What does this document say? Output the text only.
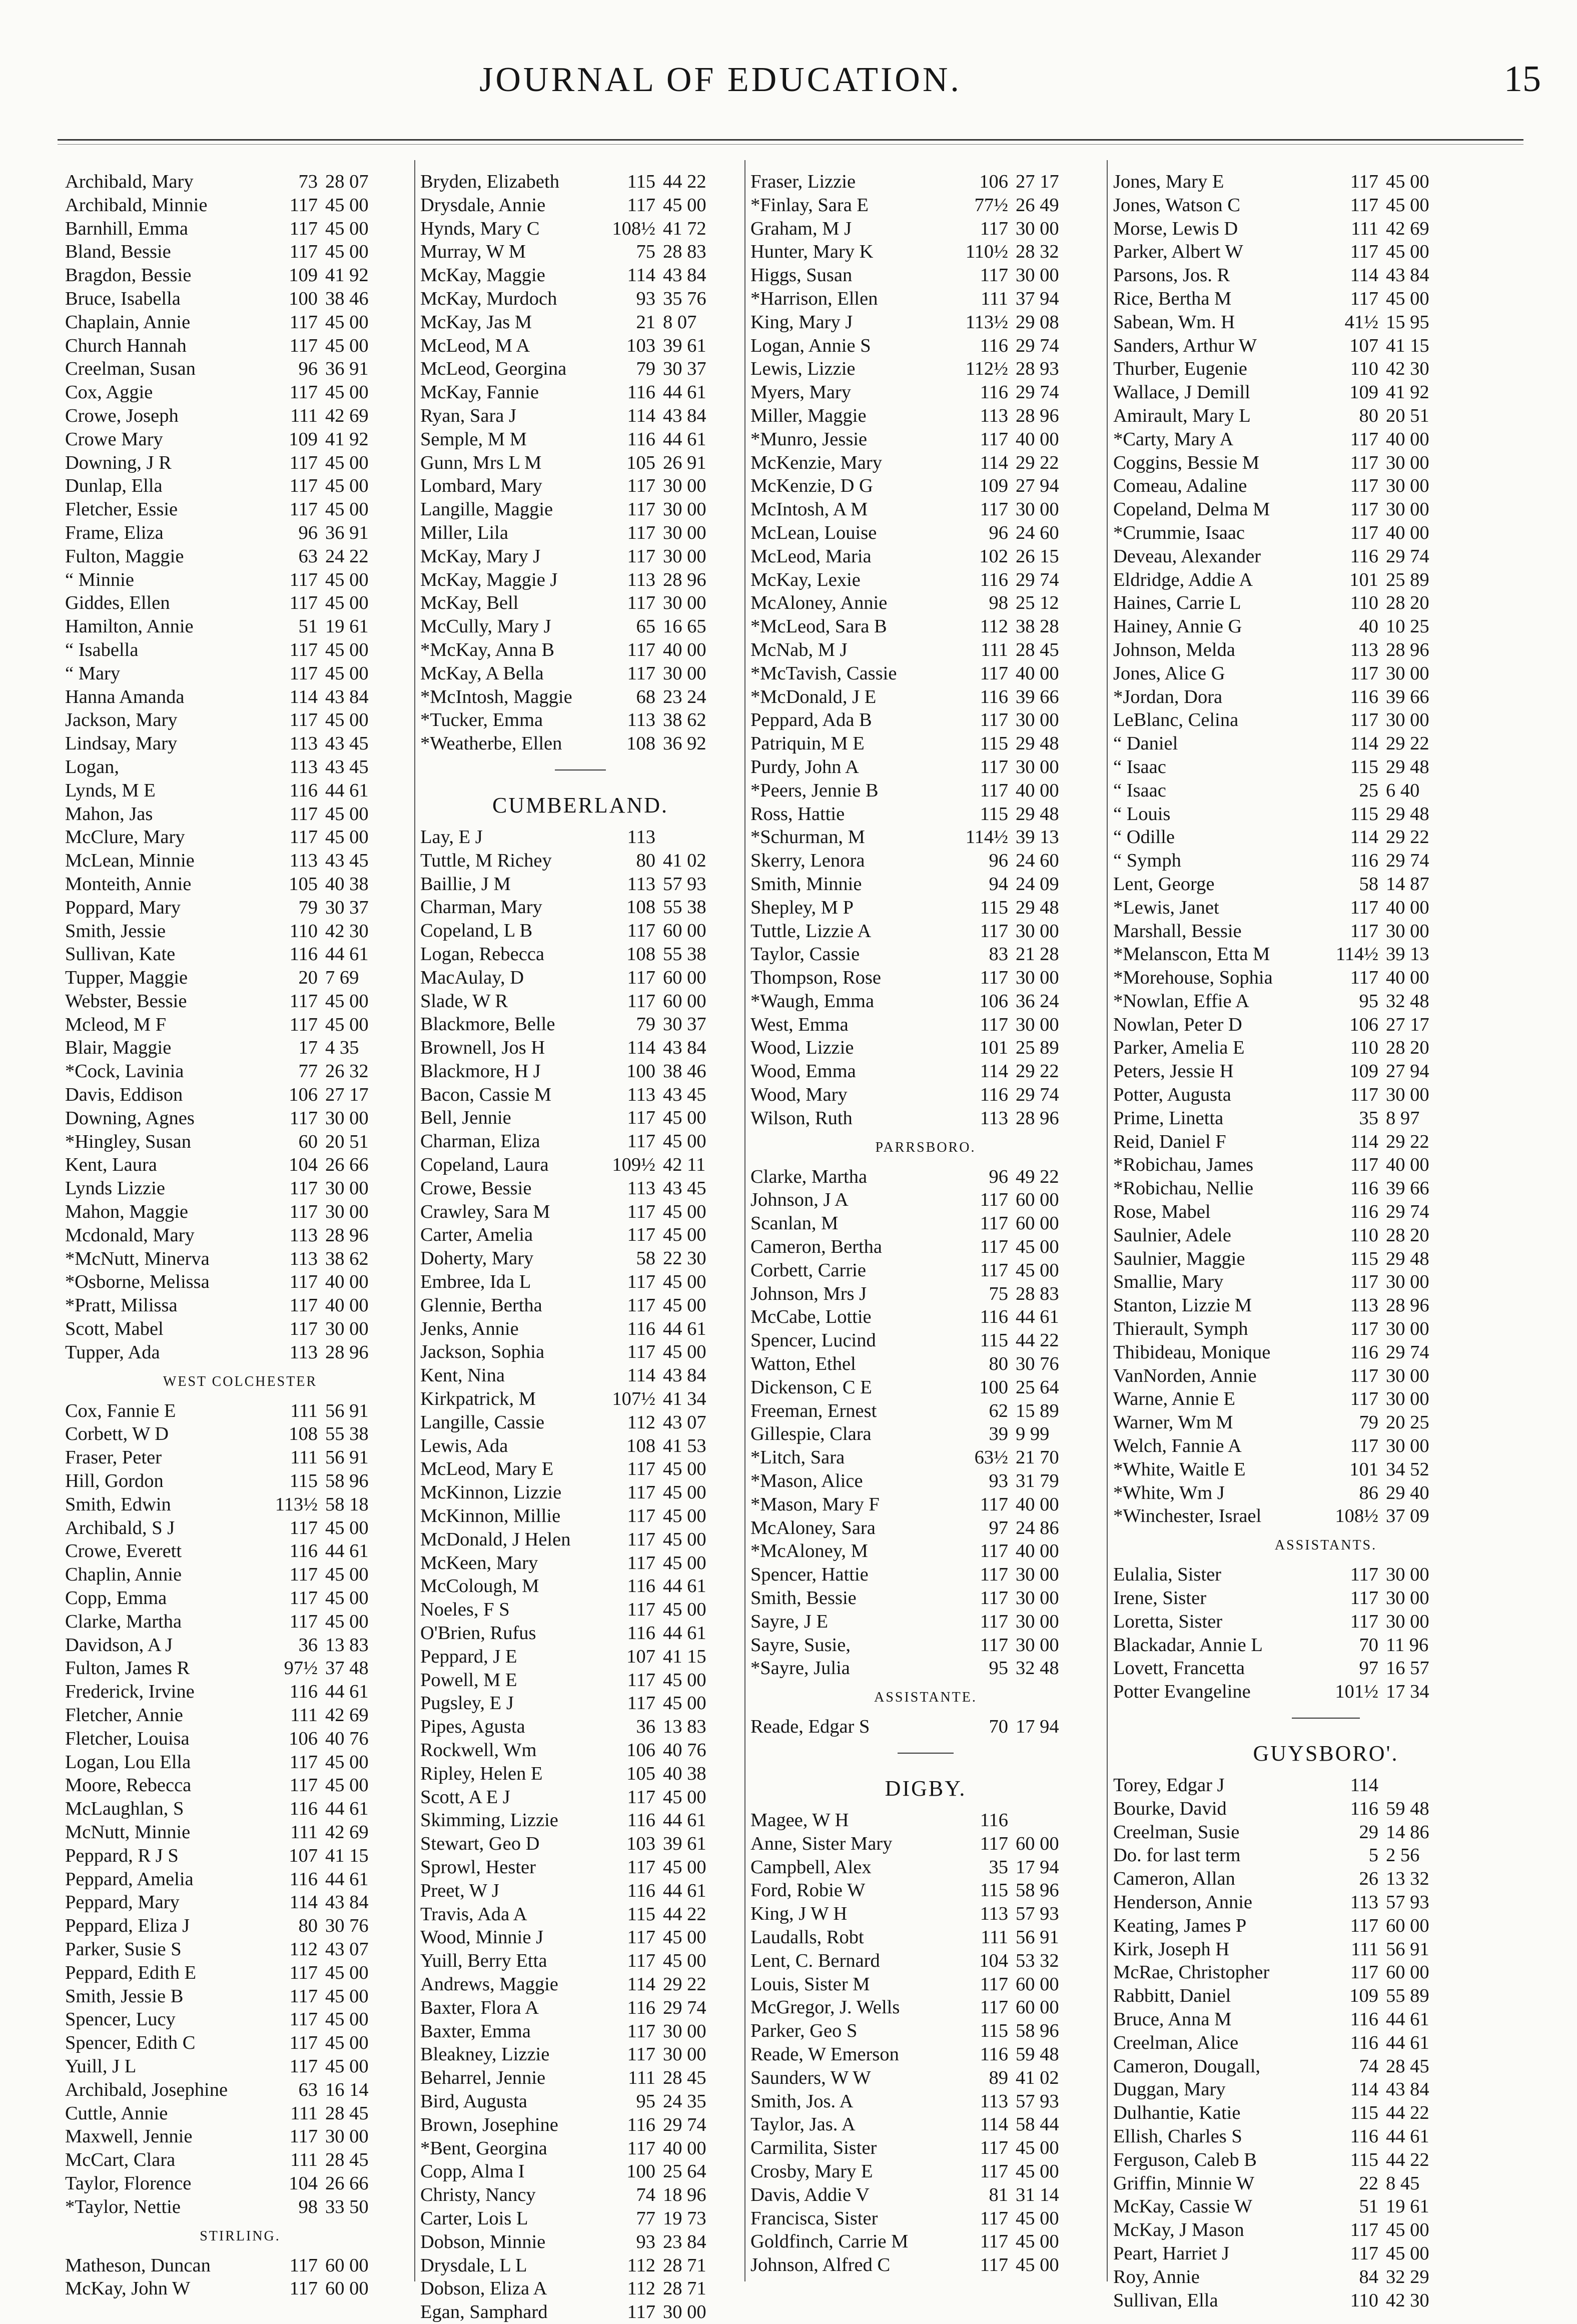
JOURNAL OF EDUCATION.	15
Archibald, Mary	73 28 07
Archibald, Minnie	117 45 00
Barnhill, Emma	117 45 00
Bland, Bessie	117 45 00
Bragdon, Bessie	109 41 92
Bruce, Isabella	100 38 46
Chaplain, Annie	117 45 00
Church Hannah	117 45 00
Creelman, Susan	96 36 91
Cox, Aggie	117 45 00
Crowe, Joseph	111 42 69
Crowe Mary	109 41 92
Downing, J R	117 45 00
Dunlap, Ella	117 45 00
Fletcher, Essie	117 45 00
Frame, Eliza	96 36 91
Fulton, Maggie	63 24 22
“ Minnie	117 45 00
Giddes, Ellen	117 45 00
Hamilton, Annie	51 19 61
“ Isabella	117 45 00
“ Mary	117 45 00
Hanna Amanda	114 43 84
Jackson, Mary	117 45 00
Lindsay, Mary	113 43 45
Logan,	113 43 45
Lynds, M E	116 44 61
Mahon, Jas	117 45 00
McClure, Mary	117 45 00
McLean, Minnie	113 43 45
Monteith, Annie	105 40 38
Poppard, Mary	79 30 37
Smith, Jessie	110 42 30
Sullivan, Kate	116 44 61
Tupper, Maggie	20 7 69
Webster, Bessie	117 45 00
Mcleod, M F	117 45 00
Blair, Maggie	17 4 35
*Cock, Lavinia	77 26 32
Davis, Eddison	106 27 17
Downing, Agnes	117 30 00
*Hingley, Susan	60 20 51
Kent, Laura	104 26 66
Lynds Lizzie	117 30 00
Mahon, Maggie	117 30 00
Mcdonald, Mary	113 28 96
*McNutt, Minerva	113 38 62
*Osborne, Melissa	117 40 00
*Pratt, Milissa	117 40 00
Scott, Mabel	117 30 00
Tupper, Ada	113 28 96
WEST COLCHESTER
Cox, Fannie E	111 56 91
Corbett, W D	108 55 38
Fraser, Peter	111 56 91
Hill, Gordon	115 58 96
Smith, Edwin	113½ 58 18
Archibald, S J	117 45 00
Crowe, Everett	116 44 61
Chaplin, Annie	117 45 00
Copp, Emma	117 45 00
Clarke, Martha	117 45 00
Davidson, A J	36 13 83
Fulton, James R	97½ 37 48
Frederick, Irvine	116 44 61
Fletcher, Annie	111 42 69
Fletcher, Louisa	106 40 76
Logan, Lou Ella	117 45 00
Moore, Rebecca	117 45 00
McLaughlan, S	116 44 61
McNutt, Minnie	111 42 69
Peppard, R J S	107 41 15
Peppard, Amelia	116 44 61
Peppard, Mary	114 43 84
Peppard, Eliza J	80 30 76
Parker, Susie S	112 43 07
Peppard, Edith E	117 45 00
Smith, Jessie B	117 45 00
Spencer, Lucy	117 45 00
Spencer, Edith C	117 45 00
Yuill, J L	117 45 00
Archibald, Josephine	63 16 14
Cuttle, Annie	111 28 45
Maxwell, Jennie	117 30 00
McCart, Clara	111 28 45
Taylor, Florence	104 26 66
*Taylor, Nettie	98 33 50
STIRLING.
Matheson, Duncan	117 60 00
McKay, John W	117 60 00
Bryden, Elizabeth	115 44 22
Drysdale, Annie	117 45 00
Hynds, Mary C	108½ 41 72
Murray, W M	75 28 83
McKay, Maggie	114 43 84
McKay, Murdoch	93 35 76
McKay, Jas M	21 8 07
McLeod, M A	103 39 61
McLeod, Georgina	79 30 37
McKay, Fannie	116 44 61
Ryan, Sara J	114 43 84
Semple, M M	116 44 61
Gunn, Mrs L M	105 26 91
Lombard, Mary	117 30 00
Langille, Maggie	117 30 00
Miller, Lila	117 30 00
McKay, Mary J	117 30 00
McKay, Maggie J	113 28 96
McKay, Bell	117 30 00
McCully, Mary J	65 16 65
*McKay, Anna B	117 40 00
McKay, A Bella	117 30 00
*McIntosh, Maggie	68 23 24
*Tucker, Emma	113 38 62
*Weatherbe, Ellen	108 36 92
CUMBERLAND.
Lay, E J	113
Tuttle, M Richey	80 41 02
Baillie, J M	113 57 93
Charman, Mary	108 55 38
Copeland, L B	117 60 00
Logan, Rebecca	108 55 38
MacAulay, D	117 60 00
Slade, W R	117 60 00
Blackmore, Belle	79 30 37
Brownell, Jos H	114 43 84
Blackmore, H J	100 38 46
Bacon, Cassie M	113 43 45
Bell, Jennie	117 45 00
Charman, Eliza	117 45 00
Copeland, Laura	109½ 42 11
Crowe, Bessie	113 43 45
Crawley, Sara M	117 45 00
Carter, Amelia	117 45 00
Doherty, Mary	58 22 30
Embree, Ida L	117 45 00
Glennie, Bertha	117 45 00
Jenks, Annie	116 44 61
Jackson, Sophia	117 45 00
Kent, Nina	114 43 84
Kirkpatrick, M	107½ 41 34
Langille, Cassie	112 43 07
Lewis, Ada	108 41 53
McLeod, Mary E	117 45 00
McKinnon, Lizzie	117 45 00
McKinnon, Millie	117 45 00
McDonald, J Helen	117 45 00
McKeen, Mary	117 45 00
McColough, M	116 44 61
Noeles, F S	117 45 00
O'Brien, Rufus	116 44 61
Peppard, J E	107 41 15
Powell, M E	117 45 00
Pugsley, E J	117 45 00
Pipes, Agusta	36 13 83
Rockwell, Wm	106 40 76
Ripley, Helen E	105 40 38
Scott, A E J	117 45 00
Skimming, Lizzie	116 44 61
Stewart, Geo D	103 39 61
Sprowl, Hester	117 45 00
Preet, W J	116 44 61
Travis, Ada A	115 44 22
Wood, Minnie J	117 45 00
Yuill, Berry Etta	117 45 00
Andrews, Maggie	114 29 22
Baxter, Flora A	116 29 74
Baxter, Emma	117 30 00
Bleakney, Lizzie	117 30 00
Beharrel, Jennie	111 28 45
Bird, Augusta	95 24 35
Brown, Josephine	116 29 74
*Bent, Georgina	117 40 00
Copp, Alma I	100 25 64
Christy, Nancy	74 18 96
Carter, Lois L	77 19 73
Dobson, Minnie	93 23 84
Drysdale, L L	112 28 71
Dobson, Eliza A	112 28 71
Egan, Samphard	117 30 00
Fraser, Lizzie	106 27 17
*Finlay, Sara E	77½ 26 49
Graham, M J	117 30 00
Hunter, Mary K	110½ 28 32
Higgs, Susan	117 30 00
*Harrison, Ellen	111 37 94
King, Mary J	113½ 29 08
Logan, Annie S	116 29 74
Lewis, Lizzie	112½ 28 93
Myers, Mary	116 29 74
Miller, Maggie	113 28 96
*Munro, Jessie	117 40 00
McKenzie, Mary	114 29 22
McKenzie, D G	109 27 94
McIntosh, A M	117 30 00
McLean, Louise	96 24 60
McLeod, Maria	102 26 15
McKay, Lexie	116 29 74
McAloney, Annie	98 25 12
*McLeod, Sara B	112 38 28
McNab, M J	111 28 45
*McTavish, Cassie	117 40 00
*McDonald, J E	116 39 66
Peppard, Ada B	117 30 00
Patriquin, M E	115 29 48
Purdy, John A	117 30 00
*Peers, Jennie B	117 40 00
Ross, Hattie	115 29 48
*Schurman, M	114½ 39 13
Skerry, Lenora	96 24 60
Smith, Minnie	94 24 09
Shepley, M P	115 29 48
Tuttle, Lizzie A	117 30 00
Taylor, Cassie	83 21 28
Thompson, Rose	117 30 00
*Waugh, Emma	106 36 24
West, Emma	117 30 00
Wood, Lizzie	101 25 89
Wood, Emma	114 29 22
Wood, Mary	116 29 74
Wilson, Ruth	113 28 96
PARRSBORO.
Clarke, Martha	96 49 22
Johnson, J A	117 60 00
Scanlan, M	117 60 00
Cameron, Bertha	117 45 00
Corbett, Carrie	117 45 00
Johnson, Mrs J	75 28 83
McCabe, Lottie	116 44 61
Spencer, Lucind	115 44 22
Watton, Ethel	80 30 76
Dickenson, C E	100 25 64
Freeman, Ernest	62 15 89
Gillespie, Clara	39 9 99
*Litch, Sara	63½ 21 70
*Mason, Alice	93 31 79
*Mason, Mary F	117 40 00
McAloney, Sara	97 24 86
*McAloney, M	117 40 00
Spencer, Hattie	117 30 00
Smith, Bessie	117 30 00
Sayre, J E	117 30 00
Sayre, Susie,	117 30 00
*Sayre, Julia	95 32 48
ASSISTANTE.
Reade, Edgar S	70 17 94
DIGBY.
Magee, W H	116
Anne, Sister Mary	117 60 00
Campbell, Alex	35 17 94
Ford, Robie W	115 58 96
King, J W H	113 57 93
Laudalls, Robt	111 56 91
Lent, C. Bernard	104 53 32
Louis, Sister M	117 60 00
McGregor, J. Wells	117 60 00
Parker, Geo S	115 58 96
Reade, W Emerson	116 59 48
Saunders, W W	89 41 02
Smith, Jos. A	113 57 93
Taylor, Jas. A	114 58 44
Carmilita, Sister	117 45 00
Crosby, Mary E	117 45 00
Davis, Addie V	81 31 14
Francisca, Sister	117 45 00
Goldfinch, Carrie M	117 45 00
Johnson, Alfred C	117 45 00
Jones, Mary E	117 45 00
Jones, Watson C	117 45 00
Morse, Lewis D	111 42 69
Parker, Albert W	117 45 00
Parsons, Jos. R	114 43 84
Rice, Bertha M	117 45 00
Sabean, Wm. H	41½ 15 95
Sanders, Arthur W	107 41 15
Thurber, Eugenie	110 42 30
Wallace, J Demill	109 41 92
Amirault, Mary L	80 20 51
*Carty, Mary A	117 40 00
Coggins, Bessie M	117 30 00
Comeau, Adaline	117 30 00
Copeland, Delma M	117 30 00
*Crummie, Isaac	117 40 00
Deveau, Alexander	116 29 74
Eldridge, Addie A	101 25 89
Haines, Carrie L	110 28 20
Hainey, Annie G	40 10 25
Johnson, Melda	113 28 96
Jones, Alice G	117 30 00
*Jordan, Dora	116 39 66
LeBlanc, Celina	117 30 00
“ Daniel	114 29 22
“ Isaac	115 29 48
“ Isaac	25 6 40
“ Louis	115 29 48
“ Odille	114 29 22
“ Symph	116 29 74
Lent, George	58 14 87
*Lewis, Janet	117 40 00
Marshall, Bessie	117 30 00
*Melanscon, Etta M	114½ 39 13
*Morehouse, Sophia	117 40 00
*Nowlan, Effie A	95 32 48
Nowlan, Peter D	106 27 17
Parker, Amelia E	110 28 20
Peters, Jessie H	109 27 94
Potter, Augusta	117 30 00
Prime, Linetta	35 8 97
Reid, Daniel F	114 29 22
*Robichau, James	117 40 00
*Robichau, Nellie	116 39 66
Rose, Mabel	116 29 74
Saulnier, Adele	110 28 20
Saulnier, Maggie	115 29 48
Smallie, Mary	117 30 00
Stanton, Lizzie M	113 28 96
Thierault, Symph	117 30 00
Thibideau, Monique	116 29 74
VanNorden, Annie	117 30 00
Warne, Annie E	117 30 00
Warner, Wm M	79 20 25
Welch, Fannie A	117 30 00
*White, Waitle E	101 34 52
*White, Wm J	86 29 40
*Winchester, Israel	108½ 37 09
ASSISTANTS.
Eulalia, Sister	117 30 00
Irene, Sister	117 30 00
Loretta, Sister	117 30 00
Blackadar, Annie L	70 11 96
Lovett, Francetta	97 16 57
Potter Evangeline	101½ 17 34
GUYSBORO'.
Torey, Edgar J	114
Bourke, David	116 59 48
Creelman, Susie	29 14 86
Do. for last term	5 2 56
Cameron, Allan	26 13 32
Henderson, Annie	113 57 93
Keating, James P	117 60 00
Kirk, Joseph H	111 56 91
McRae, Christopher	117 60 00
Rabbitt, Daniel	109 55 89
Bruce, Anna M	116 44 61
Creelman, Alice	116 44 61
Cameron, Dougall,	74 28 45
Duggan, Mary	114 43 84
Dulhantie, Katie	115 44 22
Ellish, Charles S	116 44 61
Ferguson, Caleb B	115 44 22
Griffin, Minnie W	22 8 45
McKay, Cassie W	51 19 61
McKay, J Mason	117 45 00
Peart, Harriet J	117 45 00
Roy, Annie	84 32 29
Sullivan, Ella	110 42 30
